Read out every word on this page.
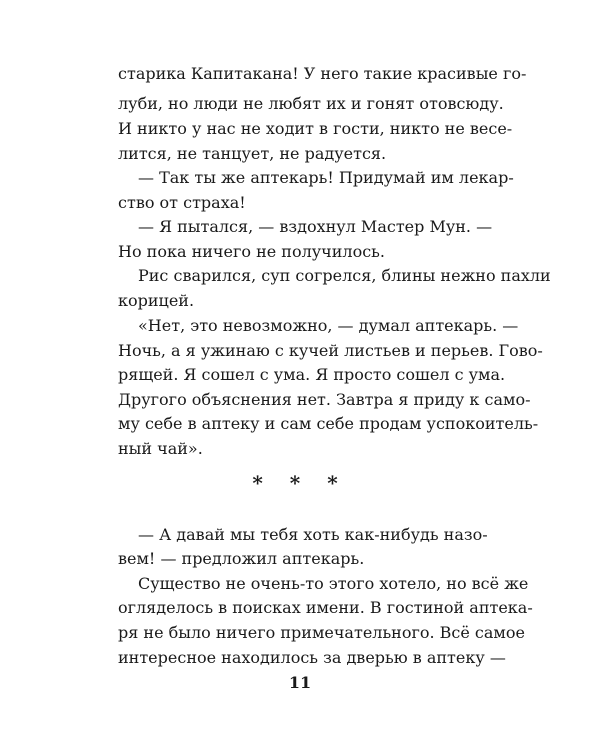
старика Капитакана! У него такие красивые го-
луби, но люди не любят их и гонят отовсюду.
И никто у нас не ходит в гости, никто не весе-
лится, не танцует, не радуется.
— Так ты же аптекарь! Придумай им лекар-
ство от страха!
— Я пытался, — вздохнул Мастер Мун. —
Но пока ничего не получилось.
Рис сварился, суп согрелся, блины нежно пахли
корицей.
«Нет, это невозможно, — думал аптекарь. —
Ночь, а я ужинаю с кучей листьев и перьев. Гово-
рящей. Я сошел с ума. Я просто сошел с ума.
Другого объяснения нет. Завтра я приду к само-
му себе в аптеку и сам себе продам успокоитель-
ный чай».
* * *
— А давай мы тебя хоть как-нибудь назо-
вем! — предложил аптекарь.
Существо не очень-то этого хотело, но всё же
огляделось в поисках имени. В гостиной аптека-
ря не было ничего примечательного. Всё самое
интересное находилось за дверью в аптеку —
11
